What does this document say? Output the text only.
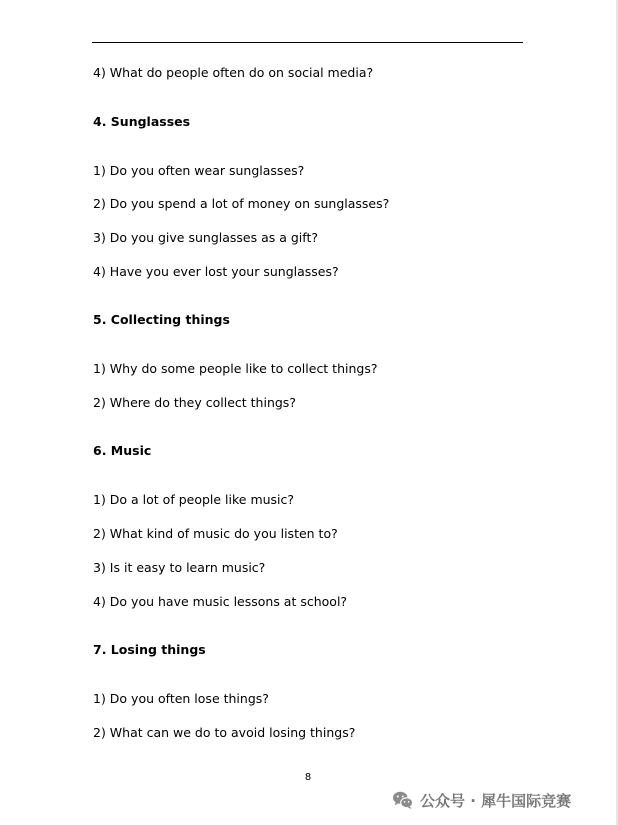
4) What do people often do on social media?
4. Sunglasses
1) Do you often wear sunglasses?
2) Do you spend a lot of money on sunglasses?
3) Do you give sunglasses as a gift?
4) Have you ever lost your sunglasses?
5. Collecting things
1) Why do some people like to collect things?
2) Where do they collect things?
6. Music
1) Do a lot of people like music?
2) What kind of music do you listen to?
3) Is it easy to learn music?
4) Do you have music lessons at school?
7. Losing things
1) Do you often lose things?
2) What can we do to avoid losing things?
8
公众号 · 犀牛国际竞赛
